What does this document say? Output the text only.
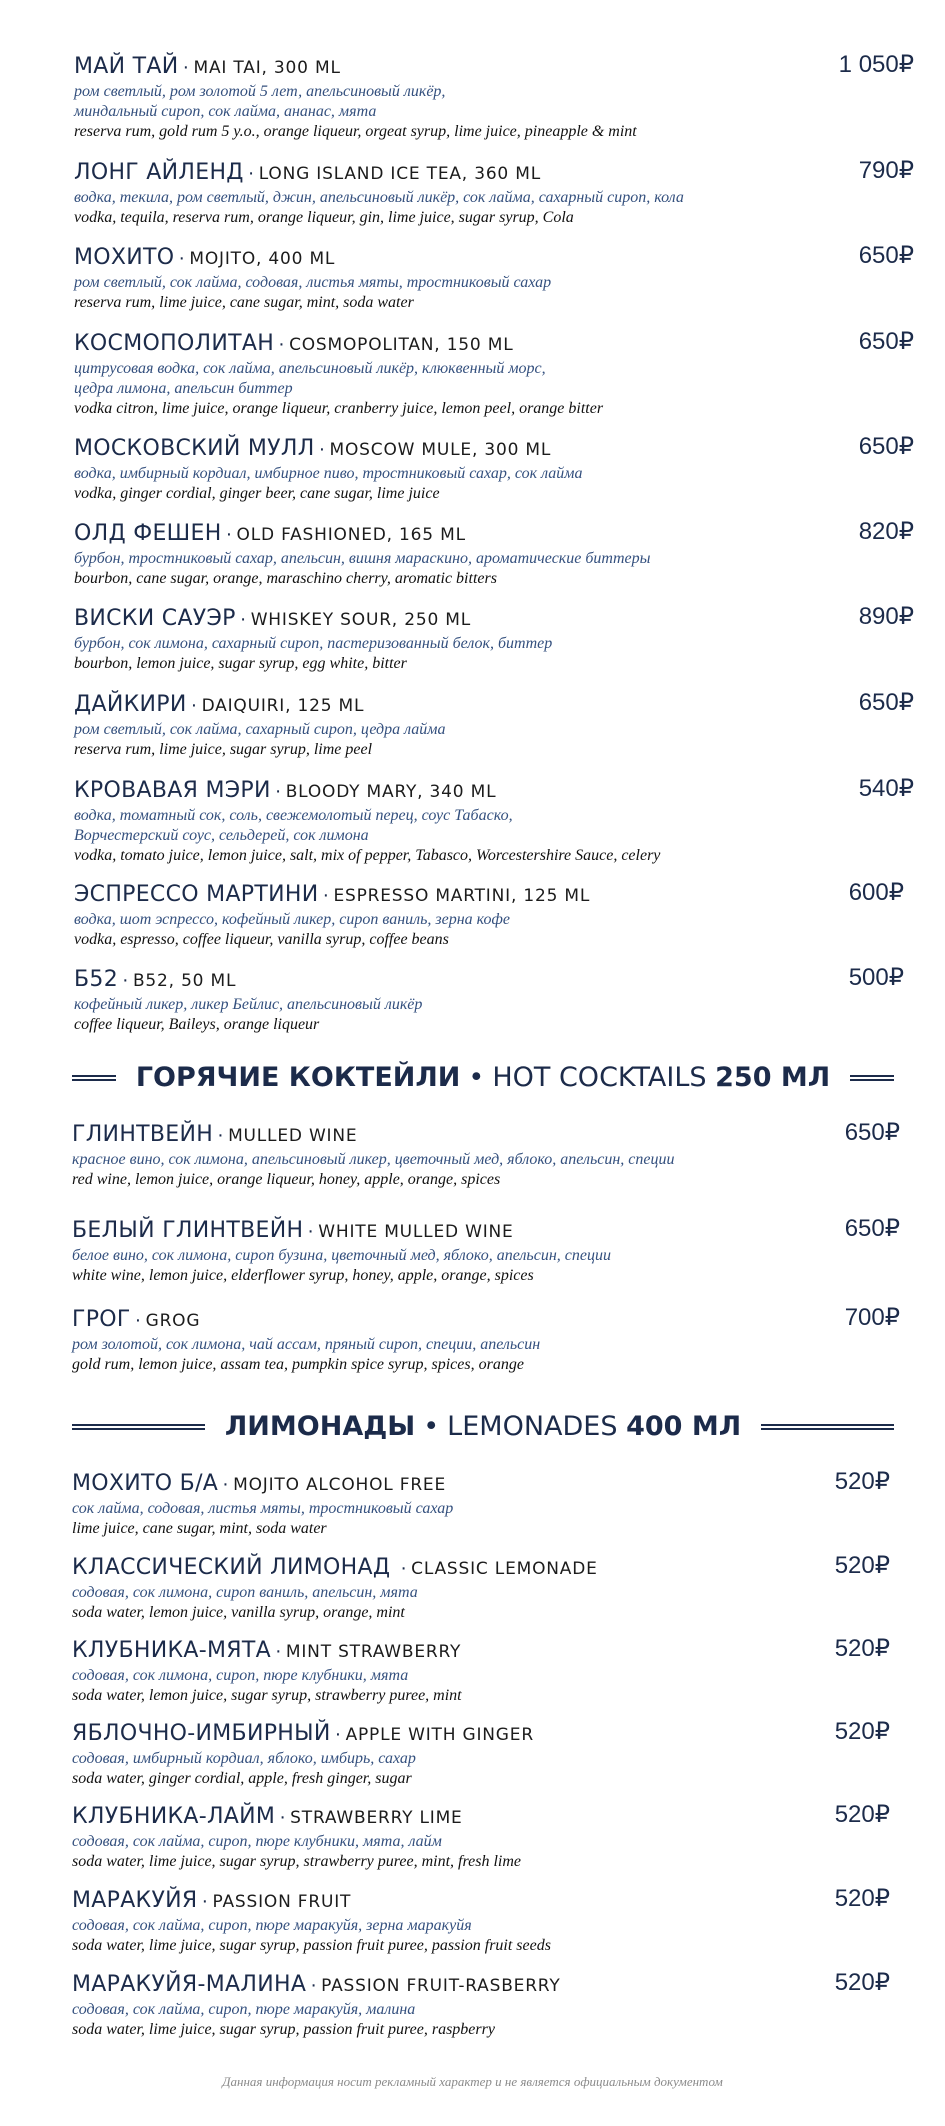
МАЙ ТАЙ · MAI TAI, 300 ML
ром светлый, ром золотой 5 лет, апельсиновый ликёр,
миндальный сироп, сок лайма, ананас, мята
reserva rum, gold rum 5 y.o., orange liqueur, orgeat syrup, lime juice, pineapple & mint
1 050₽
ЛОНГ АЙЛЕНД · LONG ISLAND ICE TEA, 360 ML
водка, текила, ром светлый, джин, апельсиновый ликёр, сок лайма, сахарный сироп, кола
vodka, tequila, reserva rum, orange liqueur, gin, lime juice, sugar syrup, Cola
790₽
МОХИТО · MOJITO, 400 ML
ром светлый, сок лайма, содовая, листья мяты, тростниковый сахар
reserva rum, lime juice, cane sugar, mint, soda water
650₽
КОСМОПОЛИТАН · COSMOPOLITAN, 150 ML
цитрусовая водка, сок лайма, апельсиновый ликёр, клюквенный морс,
цедра лимона, апельсин биттер
vodka citron, lime juice, orange liqueur, cranberry juice, lemon peel, orange bitter
650₽
МОСКОВСКИЙ МУЛЛ · MOSCOW MULE, 300 ML
водка, имбирный кордиал, имбирное пиво, тростниковый сахар, сок лайма
vodka, ginger cordial, ginger beer, cane sugar, lime juice
650₽
ОЛД ФЕШЕН · OLD FASHIONED, 165 ML
бурбон, тростниковый сахар, апельсин, вишня мараскино, ароматические биттеры
bourbon, cane sugar, orange, maraschino cherry, aromatic bitters
820₽
ВИСКИ САУЭР · WHISKEY SOUR, 250 ML
бурбон, сок лимона, сахарный сироп, пастеризованный белок, биттер
bourbon, lemon juice, sugar syrup, egg white, bitter
890₽
ДАЙКИРИ · DAIQUIRI, 125 ML
ром светлый, сок лайма, сахарный сироп, цедра лайма
reserva rum, lime juice, sugar syrup, lime peel
650₽
КРОВАВАЯ МЭРИ · BLOODY MARY, 340 ML
водка, томатный сок, соль, свежемолотый перец, соус Табаско,
Ворчестерский соус, сельдерей, сок лимона
vodka, tomato juice, lemon juice, salt, mix of pepper, Tabasco, Worcestershire Sauce, celery
540₽
ЭСПРЕССО МАРТИНИ · ESPRESSO MARTINI, 125 ML
водка, шот эспрессо, кофейный ликер, сироп ваниль, зерна кофе
vodka, espresso, coffee liqueur, vanilla syrup, coffee beans
600₽
Б52 · B52, 50 ML
кофейный ликер, ликер Бейлис, апельсиновый ликёр
coffee liqueur, Baileys, orange liqueur
500₽
ГОРЯЧИЕ КОКТЕЙЛИ • HOT COCKTAILS 250 МЛ
ГЛИНТВЕЙН · MULLED WINE
красное вино, сок лимона, апельсиновый ликер, цветочный мед, яблоко, апельсин, специи
red wine, lemon juice, orange liqueur, honey, apple, orange, spices
650₽
БЕЛЫЙ ГЛИНТВЕЙН · WHITE MULLED WINE
белое вино, сок лимона, сироп бузина, цветочный мед, яблоко, апельсин, специи
white wine, lemon juice, elderflower syrup, honey, apple, orange, spices
650₽
ГРОГ · GROG
ром золотой, сок лимона, чай ассам, пряный сироп, специи, апельсин
gold rum, lemon juice, assam tea, pumpkin spice syrup, spices, orange
700₽
ЛИМОНАДЫ • LEMONADES 400 МЛ
МОХИТО Б/А · MOJITO ALCOHOL FREE
сок лайма, содовая, листья мяты, тростниковый сахар
lime juice, cane sugar, mint, soda water
520₽
КЛАССИЧЕСКИЙ ЛИМОНАД · CLASSIC LEMONADE
содовая, сок лимона, сироп ваниль, апельсин, мята
soda water, lemon juice, vanilla syrup, orange, mint
520₽
КЛУБНИКА-МЯТА · MINT STRAWBERRY
содовая, сок лимона, сироп, пюре клубники, мята
soda water, lemon juice, sugar syrup, strawberry puree, mint
520₽
ЯБЛОЧНО-ИМБИРНЫЙ · APPLE WITH GINGER
содовая, имбирный кордиал, яблоко, имбирь, сахар
soda water, ginger cordial, apple, fresh ginger, sugar
520₽
КЛУБНИКА-ЛАЙМ · STRAWBERRY LIME
содовая, сок лайма, сироп, пюре клубники, мята, лайм
soda water, lime juice, sugar syrup, strawberry puree, mint, fresh lime
520₽
МАРАКУЙЯ · PASSION FRUIT
содовая, сок лайма, сироп, пюре маракуйя, зерна маракуйя
soda water, lime juice, sugar syrup, passion fruit puree, passion fruit seeds
520₽
МАРАКУЙЯ-МАЛИНА · PASSION FRUIT-RASBERRY
содовая, сок лайма, сироп, пюре маракуйя, малина
soda water, lime juice, sugar syrup, passion fruit puree, raspberry
520₽
Данная информация носит рекламный характер и не является официальным документом
